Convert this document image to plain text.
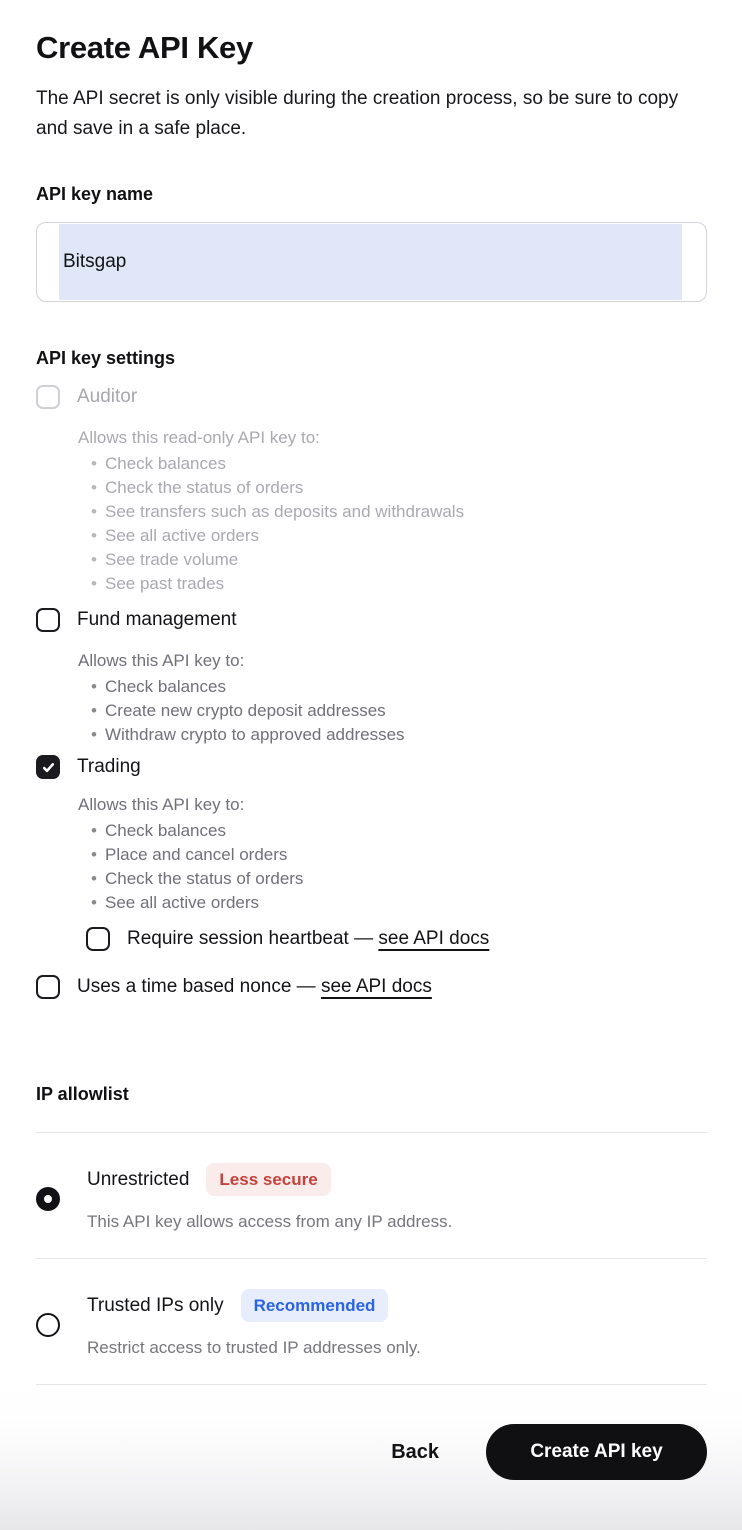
Create API Key

The API secret is only visible during the creation process, so be sure to copy and save in a safe place.

API key name
Bitsgap
API key settings
Auditor
Allows this read-only API key to:
• Check balances
• Check the status of orders
• See transfers such as deposits and withdrawals
• See all active orders
• See trade volume
• See past trades
Fund management
Allows this API key to:
• Check balances
• Create new crypto deposit addresses
• Withdraw crypto to approved addresses
Trading
Allows this API key to:
• Check balances
• Place and cancel orders
• Check the status of orders
• See all active orders
Require session heartbeat — see API docs
Uses a time based nonce — see API docs
IP allowlist
Unrestricted	Less secure
This API key allows access from any IP address.
Trusted IPs only	Recommended
Restrict access to trusted IP addresses only.
Back	Create API key
